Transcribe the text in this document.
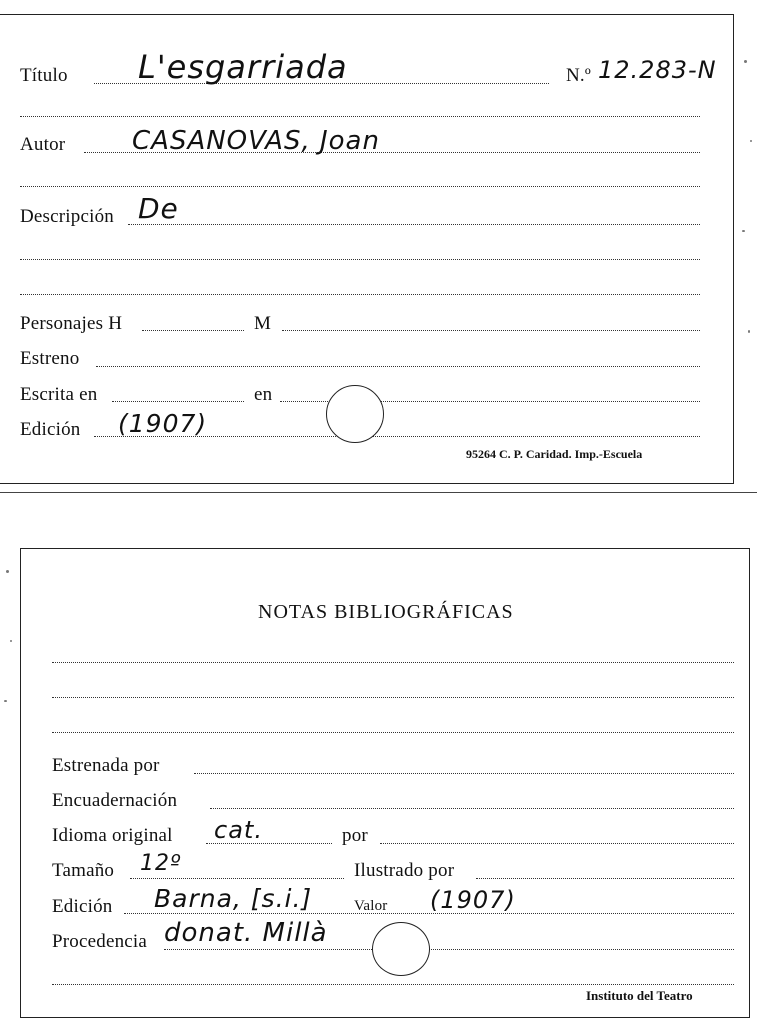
Título L'esgarriada	N.º 12.283-N
Autor	CASANOVAS, Joan
Descripción De
Personajes H	M
Estreno
Escrita en	en
Edición (1907)
95264 C. P. Caridad. Imp.-Escuela
NOTAS BIBLIOGRÁFICAS
Estrenada por
Encuadernación
Idioma original cat.	por
Tamaño 12º	Ilustrado por
Edición Barna, [s.i.]	Valor (1907)
Procedencia donat. Millà
Instituto del Teatro
